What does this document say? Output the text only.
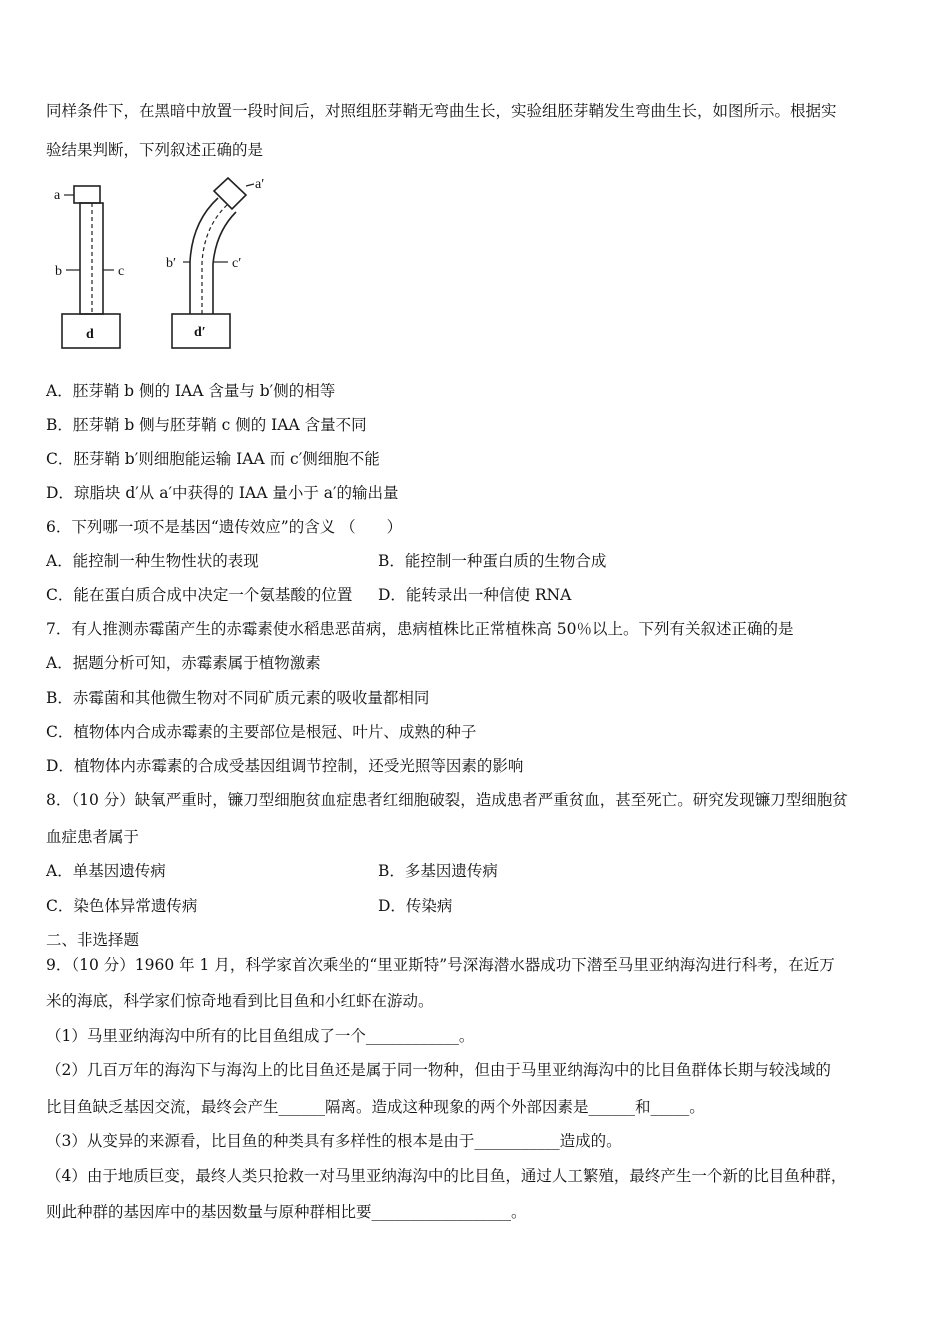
同样条件下，在黑暗中放置一段时间后，对照组胚芽鞘无弯曲生长，实验组胚芽鞘发生弯曲生长，如图所示。根据实
验结果判断，下列叙述正确的是
a
b	c
d
a′
b′	c′
d′
A．胚芽鞘 b 侧的 IAA 含量与 b′侧的相等
B．胚芽鞘 b 侧与胚芽鞘 c 侧的 IAA 含量不同
C．胚芽鞘 b′则细胞能运输 IAA 而 c′侧细胞不能
D．琼脂块 d′从 a′中获得的 IAA 量小于 a′的输出量
6．下列哪一项不是基因“遗传效应”的含义 （　　）
A．能控制一种生物性状的表现	B．能控制一种蛋白质的生物合成
C．能在蛋白质合成中决定一个氨基酸的位置 D．能转录出一种信使 RNA
7．有人推测赤霉菌产生的赤霉素使水稻患恶苗病，患病植株比正常植株高 50％以上。下列有关叙述正确的是
A．据题分析可知，赤霉素属于植物激素
B．赤霉菌和其他微生物对不同矿质元素的吸收量都相同
C．植物体内合成赤霉素的主要部位是根冠、叶片、成熟的种子
D．植物体内赤霉素的合成受基因组调节控制，还受光照等因素的影响
8．（10 分）缺氧严重时，镰刀型细胞贫血症患者红细胞破裂，造成患者严重贫血，甚至死亡。研究发现镰刀型细胞贫
血症患者属于
A．单基因遗传病	B．多基因遗传病
C．染色体异常遗传病	D．传染病
二、非选择题
9．（10 分）1960 年 1 月，科学家首次乘坐的“里亚斯特”号深海潜水器成功下潜至马里亚纳海沟进行科考，在近万
米的海底，科学家们惊奇地看到比目鱼和小红虾在游动。
（1）马里亚纳海沟中所有的比目鱼组成了一个____________。
（2）几百万年的海沟下与海沟上的比目鱼还是属于同一物种，但由于马里亚纳海沟中的比目鱼群体长期与较浅域的
比目鱼缺乏基因交流，最终会产生______隔离。造成这种现象的两个外部因素是______和_____。
（3）从变异的来源看，比目鱼的种类具有多样性的根本是由于___________造成的。
（4）由于地质巨变，最终人类只抢救一对马里亚纳海沟中的比目鱼，通过人工繁殖，最终产生一个新的比目鱼种群，
则此种群的基因库中的基因数量与原种群相比要__________________。
